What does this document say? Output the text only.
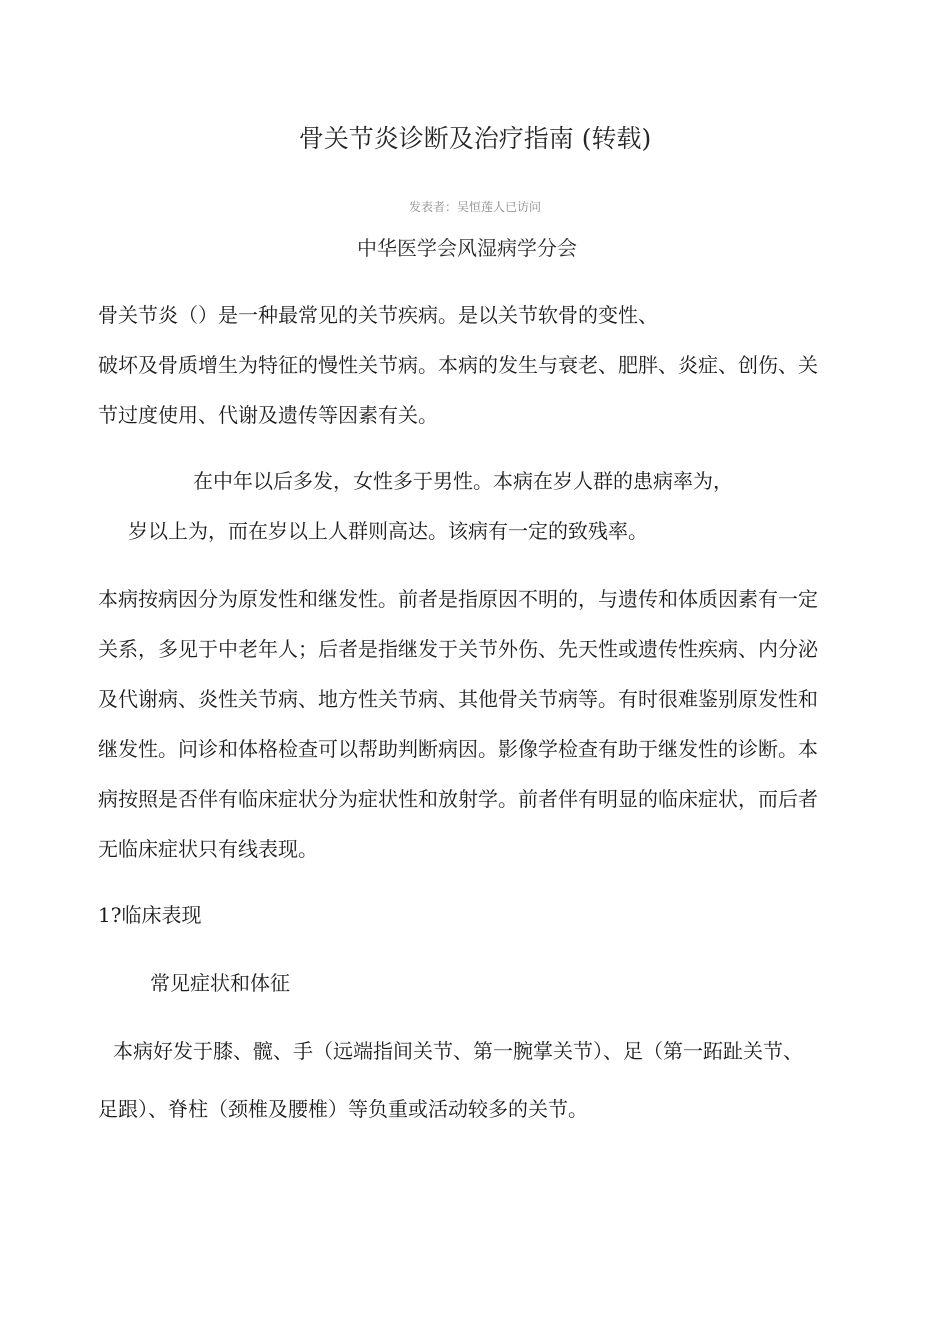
骨关节炎诊断及治疗指南 (转载)
发表者：吴恒莲人已访问
中华医学会风湿病学分会
骨关节炎（）是一种最常见的关节疾病。是以关节软骨的变性、
破坏及骨质增生为特征的慢性关节病。本病的发生与衰老、肥胖、炎症、创伤、关
节过度使用、代谢及遗传等因素有关。
在中年以后多发，女性多于男性。本病在岁人群的患病率为，
岁以上为，而在岁以上人群则高达。该病有一定的致残率。
本病按病因分为原发性和继发性。前者是指原因不明的，与遗传和体质因素有一定
关系，多见于中老年人；后者是指继发于关节外伤、先天性或遗传性疾病、内分泌
及代谢病、炎性关节病、地方性关节病、其他骨关节病等。有时很难鉴别原发性和
继发性。问诊和体格检查可以帮助判断病因。影像学检查有助于继发性的诊断。本
病按照是否伴有临床症状分为症状性和放射学。前者伴有明显的临床症状，而后者
无临床症状只有线表现。
1?临床表现
常见症状和体征
本病好发于膝、髋、手（远端指间关节、第一腕掌关节）、足（第一跖趾关节、
足跟）、脊柱（颈椎及腰椎）等负重或活动较多的关节。
